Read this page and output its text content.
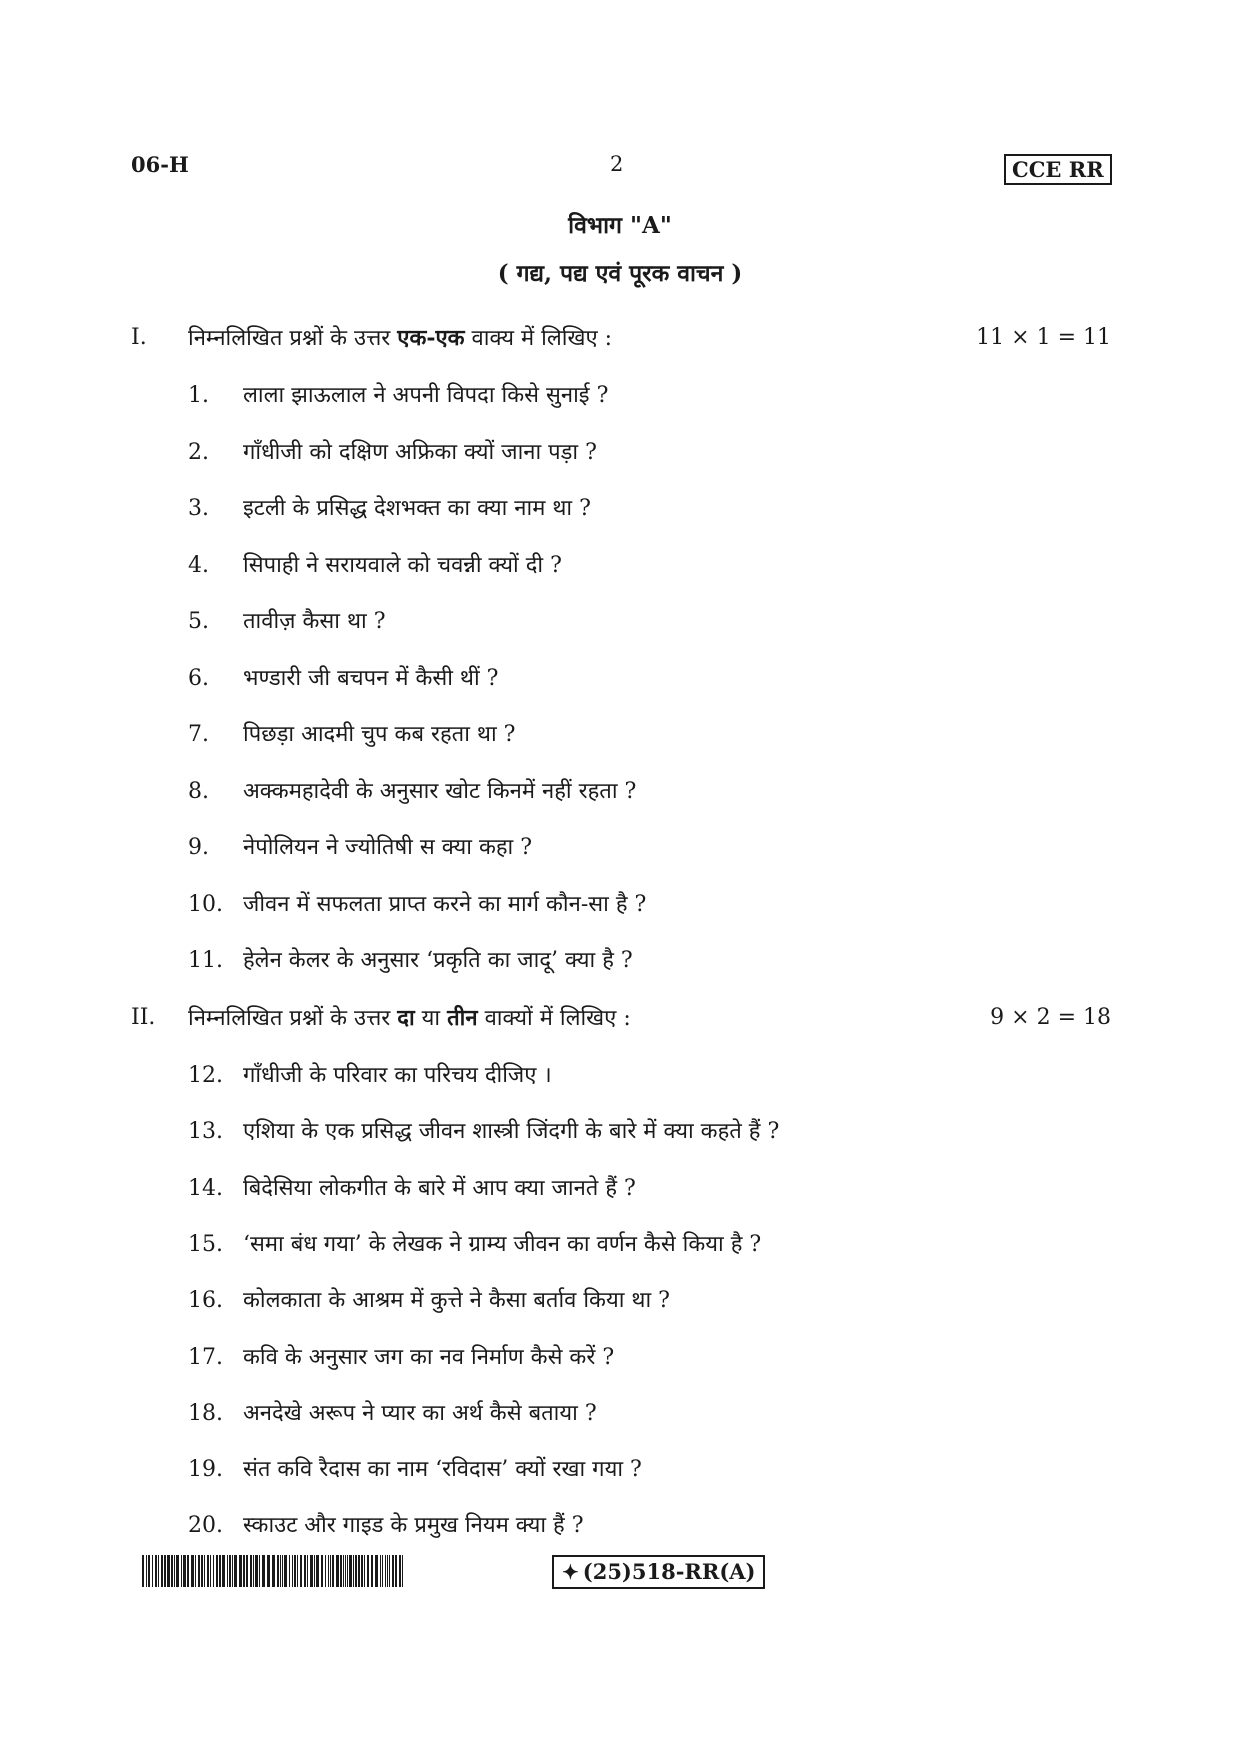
06-H	2	CCE RR
विभाग "A"
( गद्य, पद्य एवं पूरक वाचन )
I. निम्नलिखित प्रश्नों के उत्तर एक-एक वाक्य में लिखिए :	11 × 1 = 11
1. लाला झाऊलाल ने अपनी विपदा किसे सुनाई ?
2. गाँधीजी को दक्षिण अफ्रिका क्यों जाना पड़ा ?
3. इटली के प्रसिद्ध देशभक्त का क्या नाम था ?
4. सिपाही ने सरायवाले को चवन्नी क्यों दी ?
5. तावीज़ कैसा था ?
6. भण्डारी जी बचपन में कैसी थीं ?
7. पिछड़ा आदमी चुप कब रहता था ?
8. अक्कमहादेवी के अनुसार खोट किनमें नहीं रहता ?
9. नेपोलियन ने ज्योतिषी स क्या कहा ?
10. जीवन में सफलता प्राप्त करने का मार्ग कौन-सा है ?
11. हेलेन केलर के अनुसार ‘प्रकृति का जादू’ क्या है ?
II. निम्नलिखित प्रश्नों के उत्तर दा या तीन वाक्यों में लिखिए :	9 × 2 = 18
12. गाँधीजी के परिवार का परिचय दीजिए ।
13. एशिया के एक प्रसिद्ध जीवन शास्त्री जिंदगी के बारे में क्या कहते हैं ?
14. बिदेसिया लोकगीत के बारे में आप क्या जानते हैं ?
15. ‘समा बंध गया’ के लेखक ने ग्राम्य जीवन का वर्णन कैसे किया है ?
16. कोलकाता के आश्रम में कुत्ते ने कैसा बर्ताव किया था ?
17. कवि के अनुसार जग का नव निर्माण कैसे करें ?
18. अनदेखे अरूप ने प्यार का अर्थ कैसे बताया ?
19. संत कवि रैदास का नाम ‘रविदास’ क्यों रखा गया ?
20. स्काउट और गाइड के प्रमुख नियम क्या हैं ?
✦ (25)518-RR(A)
